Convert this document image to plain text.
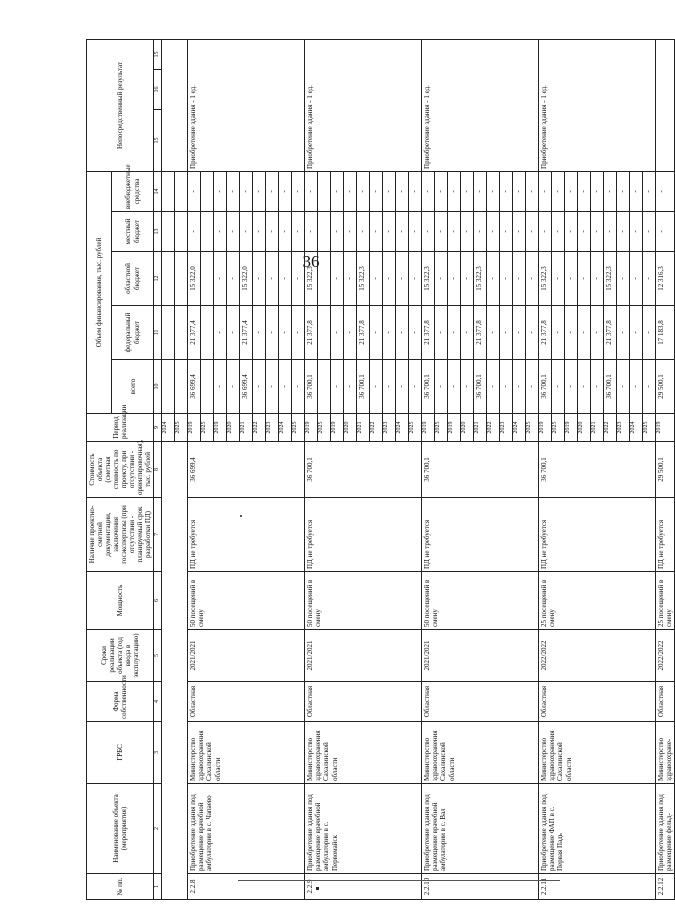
36
№ пп.	Наименование объекта (мероприятия)	ГРБС	Форма собственности	Сроки реализации объекта (год ввода в эксплуатацию)	Мощность	Наличие проектно-сметной документации, заключения госэкспертизы (при отсутствии - планируемый срок разработки ПД)	Стоимость объекта (сметная стоимость по проекту, при отсутствии - ориентировочная), тыс. рублей	Период реализации	Объем финансирования, тыс. рублей					Непосредственный результат		
									всего	федеральный бюджет	областной бюджет	местный бюджет	внебюджетные средства			
1	2	3	4	5	6	7	8	9	10	11	12	13	14	15	16	15
								2024								
								2025								
2.2.8	Приобретение здания под размещение врачебной амбулатории в с. Чапаево	Министерство здравоохранения Сахалинской области	Областная	2021/2021	50 посещений в смену	ПД не требуется	36 699,4	2019	36 699,4	21 377,4	15 322,0	-	-	Приобретение здания - 1 ед.		
								2025								
								2019	-	-	-	-	-			
								2020	-	-	-	-	-			
								2021	36 699,4	21 377,4	15 322,0	-	-			
								2022	-	-	-	-	-			
								2023	-	-	-	-	-			
								2024	-	-	-	-	-			
								2025	-	-	-	-	-			
2.2.9	Приобретение здания под размещение врачебной амбулатории в с. Первомайск	Министерство здравоохранения Сахалинской области	Областная	2021/2021	50 посещений в смену	ПД не требуется	36 700,1	2019	36 700,1	21 377,8	15 322,3	-	-	Приобретение здания - 1 ед.		
								2025								
								2019	-	-	-	-	-			
								2020	-	-	-	-	-			
								2021	36 700,1	21 377,8	15 322,3	-	-			
								2022	-	-	-	-	-			
								2023	-	-	-	-	-			
								2024	-	-	-	-	-			
								2025	-	-	-	-	-			
2.2.10	Приобретение здания под размещение врачебной амбулатории в с. Вал	Министерство здравоохранения Сахалинской области	Областная	2021/2021	50 посещений в смену	ПД не требуется	36 700,1	2019	36 700,1	21 377,8	15 322,3	-	-	Приобретение здания - 1 ед.		
								2025	-	-	-	-	-			
								2019	-	-	-	-	-			
								2020	-	-	-	-	-			
								2021	36 700,1	21 377,8	15 322,3	-	-			
								2022	-	-	-	-	-			
								2023	-	-	-	-	-			
								2024	-	-	-	-	-			
								2025	-	-	-	-	-			
2.2.11	Приобретение здания под размещение ФАП в с. Первая Падь	Министерство здравоохранения Сахалинской области	Областная	2022/2022	25 посещений в смену	ПД не требуется	36 700,1	2019	36 700,1	21 377,8	15 322,3	-	-	Приобретение здания - 1 ед.		
								2025	-	-	-	-	-			
								2019	-	-	-	-	-			
								2020	-	-	-	-	-			
								2021	-	-	-	-	-			
								2022	36 700,1	21 377,8	15 322,3	-	-			
								2023	-	-	-	-	-			
								2024	-	-	-	-	-			
								2025	-	-	-	-	-			
2.2.12	Приобретение здания под размещение фельд-	Министерство здравоохране-	Областная	2022/2022	25 посещений в смену	ПД не требуется	29 500,1	2019	29 500,1	17 183,8	12 316,3	-	-			
